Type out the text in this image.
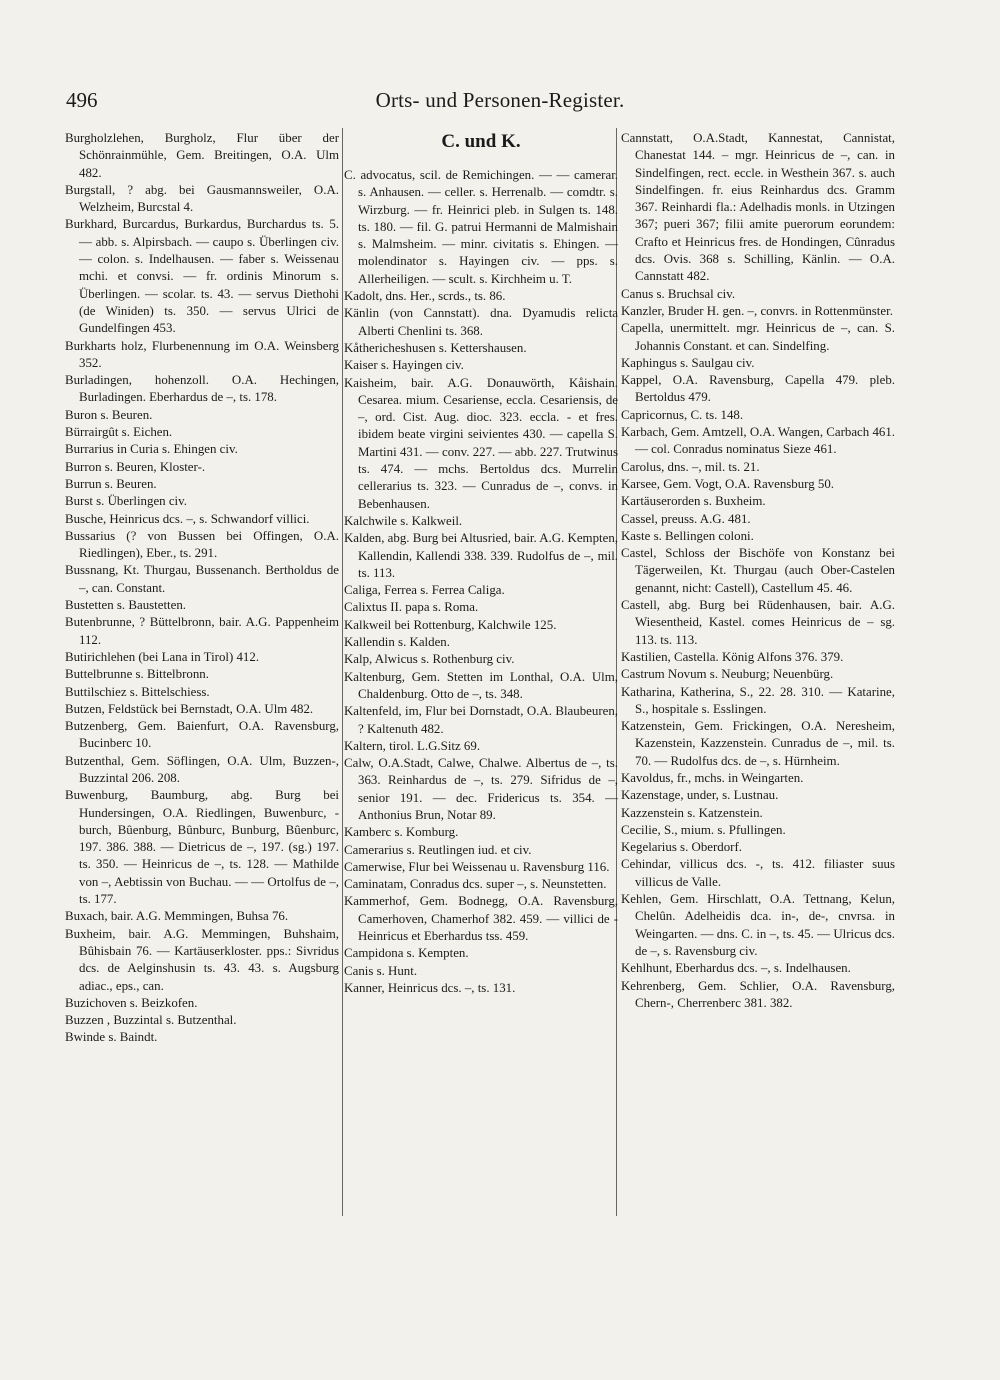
496	Orts- und Personen-Register.

Burgholzlehen, Burgholz, Flur über der Schönrainmühle, Gem. Breitingen, O.A. Ulm 482.

Burgstall, ? abg. bei Gausmannsweiler, O.A. Welzheim, Burcstal 4.

Burkhard, Burcardus, Burkardus, Burchardus ts. 5. — abb. s. Alpirsbach. — caupo s. Überlingen civ. — colon. s. Indelhausen. — faber s. Weissenau mchi. et convsi. — fr. ordinis Minorum s. Überlingen. — scolar. ts. 43. — servus Diethohi (de Winiden) ts. 350. — servus Ulrici de Gundelfingen 453.

Burkharts holz, Flurbenennung im O.A. Weinsberg 352.

Burladingen, hohenzoll. O.A. Hechingen, Burladingen. Eberhardus de –, ts. 178.

Buron s. Beuren.

Bürrairgût s. Eichen.

Burrarius in Curia s. Ehingen civ.

Burron s. Beuren, Kloster-.

Burrun s. Beuren.

Burst s. Überlingen civ.

Busche, Heinricus dcs. –, s. Schwandorf villici.

Bussarius (? von Bussen bei Offingen, O.A. Riedlingen), Eber., ts. 291.

Bussnang, Kt. Thurgau, Bussenanch. Bertholdus de –, can. Constant.

Bustetten s. Baustetten.

Butenbrunne, ? Büttelbronn, bair. A.G. Pappenheim 112.

Butirichlehen (bei Lana in Tirol) 412.

Buttelbrunne s. Bittelbronn.

Buttilschiez s. Bittelschiess.

Butzen, Feldstück bei Bernstadt, O.A. Ulm 482.

Butzenberg, Gem. Baienfurt, O.A. Ravensburg, Bucinberc 10.

Butzenthal, Gem. Söflingen, O.A. Ulm, Buzzen-, Buzzintal 206. 208.

Buwenburg, Baumburg, abg. Burg bei Hundersingen, O.A. Riedlingen, Buwenburc, -burch, Bûenburg, Bûnburc, Bunburg, Bûenburc, 197. 386. 388. — Dietricus de –, 197. (sg.) 197. ts. 350. — Heinricus de –, ts. 128. — Mathilde von –, Aebtissin von Buchau. — — Ortolfus de –, ts. 177.

Buxach, bair. A.G. Memmingen, Buhsa 76.

Buxheim, bair. A.G. Memmingen, Buhshaim, Bûhisbain 76. — Kartäuserkloster. pps.: Sivridus dcs. de Aelginshusin ts. 43. 43. s. Augsburg adiac., eps., can.

Buzichoven s. Beizkofen.

Buzzen , Buzzintal s. Butzenthal.

Bwinde s. Baindt.

C. und K.

C. advocatus, scil. de Remichingen. — — camerar. s. Anhausen. — celler. s. Herrenalb. — comdtr. s. Wirzburg. — fr. Heinrici pleb. in Sulgen ts. 148. ts. 180. — fil. G. patrui Hermanni de Malmishain s. Malmsheim. — minr. civitatis s. Ehingen. — molendinator s. Hayingen civ. — pps. s. Allerheiligen. — scult. s. Kirchheim u. T.

Kadolt, dns. Her., scrds., ts. 86.

Känlin (von Cannstatt). dna. Dyamudis relicta Alberti Chenlini ts. 368.

Kåthericheshusen s. Kettershausen.

Kaiser s. Hayingen civ.

Kaisheim, bair. A.G. Donauwörth, Kåishain. Cesarea. mium. Cesariense, eccla. Cesariensis, de –, ord. Cist. Aug. dioc. 323. eccla. - et fres. ibidem beate virgini seivientes 430. — capella S. Martini 431. — conv. 227. — abb. 227. Trutwinus ts. 474. — mchs. Bertoldus dcs. Murrelin cellerarius ts. 323. — Cunradus de –, convs. in Bebenhausen.

Kalchwile s. Kalkweil.

Kalden, abg. Burg bei Altusried, bair. A.G. Kempten, Kallendin, Kallendi 338. 339. Rudolfus de –, mil. ts. 113.

Caliga, Ferrea s. Ferrea Caliga.

Calixtus II. papa s. Roma.

Kalkweil bei Rottenburg, Kalchwile 125.

Kallendin s. Kalden.

Kalp, Alwicus s. Rothenburg civ.

Kaltenburg, Gem. Stetten im Lonthal, O.A. Ulm, Chaldenburg. Otto de –, ts. 348.

Kaltenfeld, im, Flur bei Dornstadt, O.A. Blaubeuren, ? Kaltenuth 482.

Kaltern, tirol. L.G.Sitz 69.

Calw, O.A.Stadt, Calwe, Chalwe. Albertus de –, ts. 363. Reinhardus de –, ts. 279. Sifridus de –, senior 191. — dec. Fridericus ts. 354. — Anthonius Brun, Notar 89.

Kamberc s. Komburg.

Camerarius s. Reutlingen iud. et civ.

Camerwise, Flur bei Weissenau u. Ravensburg 116.

Caminatam, Conradus dcs. super –, s. Neunstetten.

Kammerhof, Gem. Bodnegg, O.A. Ravensburg, Camerhoven, Chamerhof 382. 459. — villici de - Heinricus et Eberhardus tss. 459.

Campidona s. Kempten.

Canis s. Hunt.

Kanner, Heinricus dcs. –, ts. 131.

Cannstatt, O.A.Stadt, Kannestat, Cannistat, Chanestat 144. – mgr. Heinricus de –, can. in Sindelfingen, rect. eccle. in Westhein 367. s. auch Sindelfingen. fr. eius Reinhardus dcs. Gramm 367. Reinhardi fla.: Adelhadis monls. in Utzingen 367; pueri 367; filii amite puerorum eorundem: Crafto et Heinricus fres. de Hondingen, Cûnradus dcs. Ovis. 368 s. Schilling, Känlin. — O.A. Cannstatt 482.

Canus s. Bruchsal civ.

Kanzler, Bruder H. gen. –, convrs. in Rottenmünster.

Capella, unermittelt. mgr. Heinricus de –, can. S. Johannis Constant. et can. Sindelfing.

Kaphingus s. Saulgau civ.

Kappel, O.A. Ravensburg, Capella 479. pleb. Bertoldus 479.

Capricornus, C. ts. 148.

Karbach, Gem. Amtzell, O.A. Wangen, Carbach 461. — col. Conradus nominatus Sieze 461.

Carolus, dns. –, mil. ts. 21.

Karsee, Gem. Vogt, O.A. Ravensburg 50.

Kartäuserorden s. Buxheim.

Cassel, preuss. A.G. 481.

Kaste s. Bellingen coloni.

Castel, Schloss der Bischöfe von Konstanz bei Tägerweilen, Kt. Thurgau (auch Ober-Castelen genannt, nicht: Castell), Castellum 45. 46.

Castell, abg. Burg bei Rüdenhausen, bair. A.G. Wiesentheid, Kastel. comes Heinricus de – sg. 113. ts. 113.

Kastilien, Castella. König Alfons 376. 379.

Castrum Novum s. Neuburg; Neuenbürg.

Katharina, Katherina, S., 22. 28. 310. — Katarine, S., hospitale s. Esslingen.

Katzenstein, Gem. Frickingen, O.A. Neresheim, Kazenstein, Kazzenstein. Cunradus de –, mil. ts. 70. — Rudolfus dcs. de –, s. Hürnheim.

Kavoldus, fr., mchs. in Weingarten.

Kazenstage, under, s. Lustnau.

Kazzenstein s. Katzenstein.

Cecilie, S., mium. s. Pfullingen.

Kegelarius s. Oberdorf.

Cehindar, villicus dcs. -, ts. 412. filiaster suus villicus de Valle.

Kehlen, Gem. Hirschlatt, O.A. Tettnang, Kelun, Chelûn. Adelheidis dca. in-, de-, cnvrsa. in Weingarten. — dns. C. in –, ts. 45. — Ulricus dcs. de –, s. Ravensburg civ.

Kehlhunt, Eberhardus dcs. –, s. Indelhausen.

Kehrenberg, Gem. Schlier, O.A. Ravensburg, Chern-, Cherrenberc 381. 382.
